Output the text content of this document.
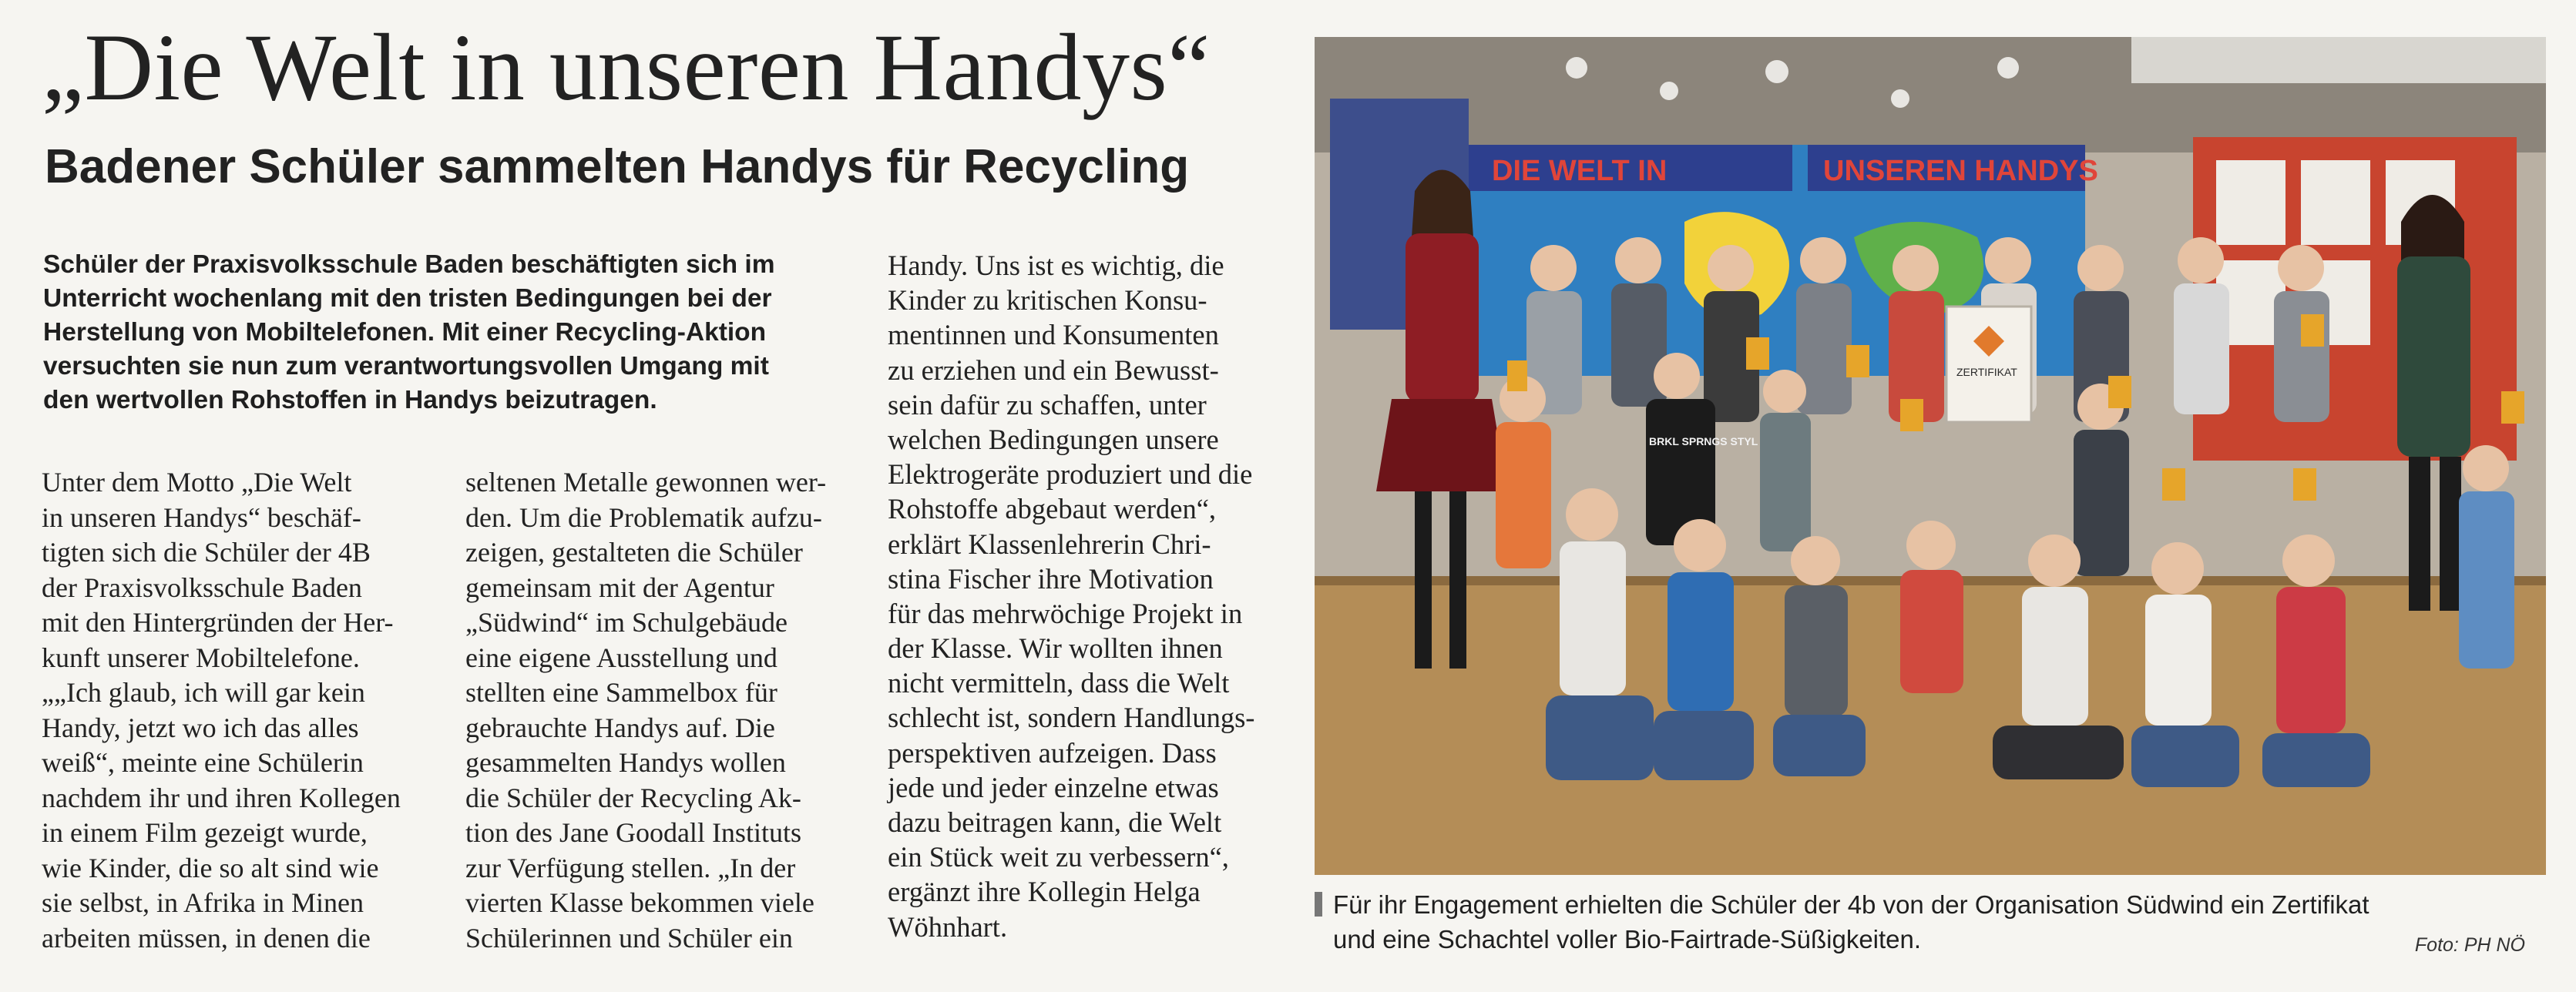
„Die Welt in unseren Handys“
Badener Schüler sammelten Handys für Recycling
Schüler der Praxisvolksschule Baden beschäftigten sich im
Unterricht wochenlang mit den tristen Bedingungen bei der
Herstellung von Mobiltelefonen. Mit einer Recycling-Aktion
versuchten sie nun zum verantwortungsvollen Umgang mit
den wertvollen Rohstoffen in Handys beizutragen.
Unter dem Motto „Die Welt
in unseren Handys“ beschäf-
tigten sich die Schüler der 4B
der Praxisvolksschule Baden
mit den Hintergründen der Her-
kunft unserer Mobiltelefone.
„„Ich glaub, ich will gar kein
Handy, jetzt wo ich das alles
weiß“, meinte eine Schülerin
nachdem ihr und ihren Kollegen
in einem Film gezeigt wurde,
wie Kinder, die so alt sind wie
sie selbst, in Afrika in Minen
arbeiten müssen, in denen die
seltenen Metalle gewonnen wer-
den. Um die Problematik aufzu-
zeigen, gestalteten die Schüler
gemeinsam mit der Agentur
„Südwind“ im Schulgebäude
eine eigene Ausstellung und
stellten eine Sammelbox für
gebrauchte Handys auf. Die
gesammelten Handys wollen
die Schüler der Recycling Ak-
tion des Jane Goodall Instituts
zur Verfügung stellen. „In der
vierten Klasse bekommen viele
Schülerinnen und Schüler ein
Handy. Uns ist es wichtig, die
Kinder zu kritischen Konsu-
mentinnen und Konsumenten
zu erziehen und ein Bewusst-
sein dafür zu schaffen, unter
welchen Bedingungen unsere
Elektrogeräte produziert und die
Rohstoffe abgebaut werden“,
erklärt Klassenlehrerin Chri-
stina Fischer ihre Motivation
für das mehrwöchige Projekt in
der Klasse. Wir wollten ihnen
nicht vermitteln, dass die Welt
schlecht ist, sondern Handlungs-
perspektiven aufzeigen. Dass
jede und jeder einzelne etwas
dazu beitragen kann, die Welt
ein Stück weit zu verbessern“,
ergänzt ihre Kollegin Helga
Wöhnhart.
DIE WELT IN	UNSEREN HANDYS
ZERTIFIKAT
BRKL SPRNGS STYL
Für ihr Engagement erhielten die Schüler der 4b von der Organisation Südwind ein Zertifikat
und eine Schachtel voller Bio-Fairtrade-Süßigkeiten.	Foto: PH NÖ
